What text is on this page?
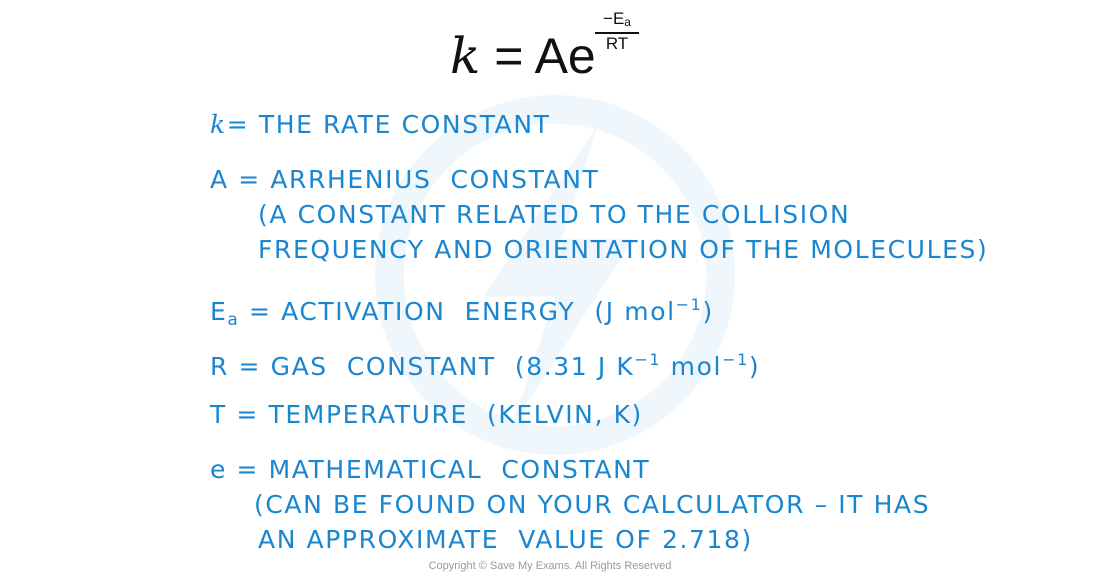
k = Ae $\frac{-E_a}{RT}$
k= THE RATE CONSTANT
A = ARRHENIUS  CONSTANT
(A CONSTANT RELATED TO THE COLLISION
FREQUENCY AND ORIENTATION OF THE MOLECULES)
$E_a$ = ACTIVATION  ENERGY  (J mol$^{-1}$)
R = GAS  CONSTANT  (8.31 J $K^{-1}$ mol$^{-1}$)
T = TEMPERATURE  (KELVIN, K)
e = MATHEMATICAL  CONSTANT
(CAN BE FOUND ON YOUR CALCULATOR – IT HAS
AN APPROXIMATE  VALUE OF 2.718)
Copyright © Save My Exams. All Rights Reserved
